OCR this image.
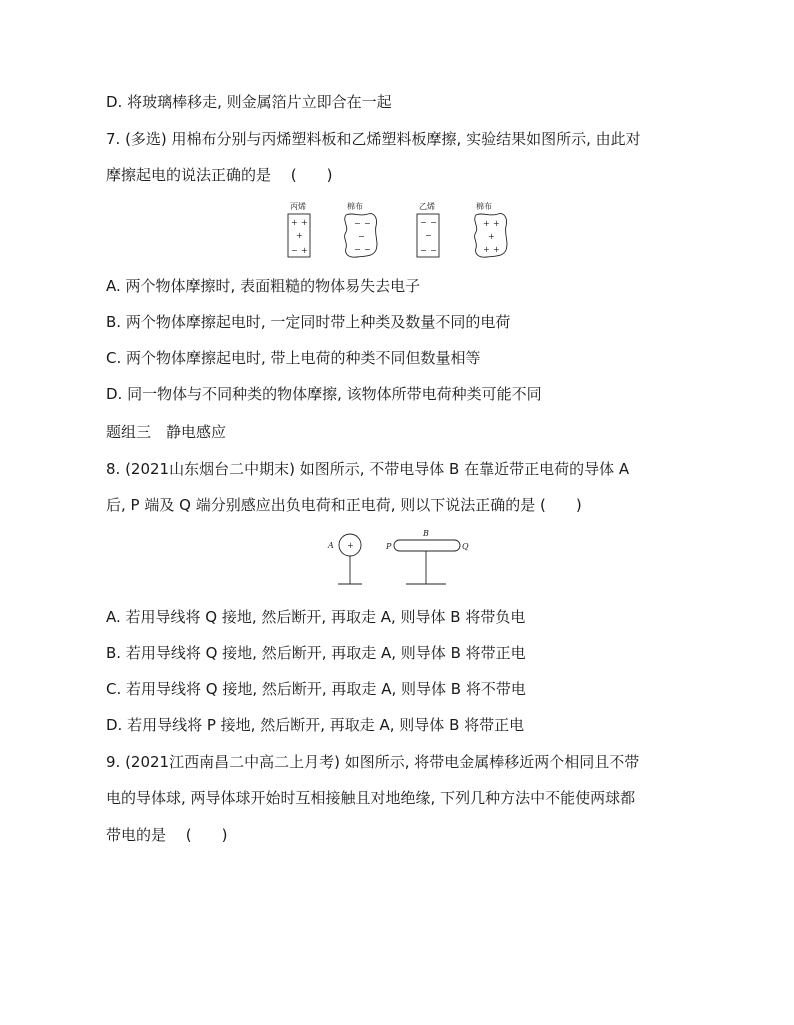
D. 将玻璃棒移走, 则金属箔片立即合在一起
7. (多选) 用棉布分别与丙烯塑料板和乙烯塑料板摩擦, 实验结果如图所示, 由此对
摩擦起电的说法正确的是 　(　　)
丙烯	棉布	乙烯	棉布
+ +
+
− +
− −
−
− −
− −
−
− −
+ +
+
+ +
A. 两个物体摩擦时, 表面粗糙的物体易失去电子
B. 两个物体摩擦起电时, 一定同时带上种类及数量不同的电荷
C. 两个物体摩擦起电时, 带上电荷的种类不同但数量相等
D. 同一物体与不同种类的物体摩擦, 该物体所带电荷种类可能不同
题组三　静电感应
8. (2021山东烟台二中期末) 如图所示, 不带电导体 B 在靠近带正电荷的导体 A
后, P 端及 Q 端分别感应出负电荷和正电荷, 则以下说法正确的是 (　　)
A +
B
P	Q
A. 若用导线将 Q 接地, 然后断开, 再取走 A, 则导体 B 将带负电
B. 若用导线将 Q 接地, 然后断开, 再取走 A, 则导体 B 将带正电
C. 若用导线将 Q 接地, 然后断开, 再取走 A, 则导体 B 将不带电
D. 若用导线将 P 接地, 然后断开, 再取走 A, 则导体 B 将带正电
9. (2021江西南昌二中高二上月考) 如图所示, 将带电金属棒移近两个相同且不带
电的导体球, 两导体球开始时互相接触且对地绝缘, 下列几种方法中不能使两球都
带电的是 　(　　)
